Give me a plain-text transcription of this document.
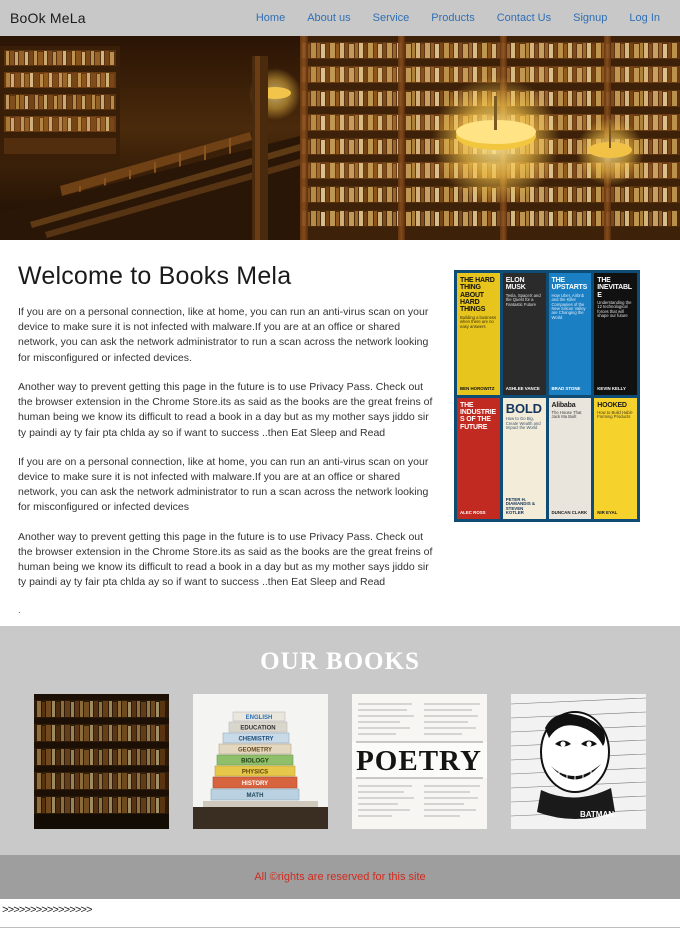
BoOk MeLa	Home About us Service Products Contact Us Signup Log In
Welcome to Books Mela

If you are on a personal connection, like at home, you can run an anti-virus scan on your device to make sure it is not infected with malware.If you are at an office or shared network, you can ask the network administrator to run a scan across the network looking for misconfigured or infected devices.

Another way to prevent getting this page in the future is to use Privacy Pass. Check out the browser extension in the Chrome Store.its as said as the books are the great freins of human being we know its difficult to read a book in a day but as my mother says jiddo sir ty paindi ay ty fair pta chlda ay so if want to success ..then Eat Sleep and Read

If you are on a personal connection, like at home, you can run an anti-virus scan on your device to make sure it is not infected with malware.If you are at an office or shared network, you can ask the network administrator to run a scan across the network looking for misconfigured or infected devices

Another way to prevent getting this page in the future is to use Privacy Pass. Check out the browser extension in the Chrome Store.its as said as the books are the great freins of human being we know its difficult to read a book in a day but as my mother says jiddo sir ty paindi ay ty fair pta chlda ay so if want to success ..then Eat Sleep and Read

.

THE HARD THING ABOUT HARD THINGS
Building a business when there are no easy answers
BEN HOROWITZ
ELON MUSK
Tesla, SpaceX and the Quest for a Fantastic Future
ASHLEE VANCE
THE UPSTARTS
How Uber, Airbnb and the Killer Companies of the New Silicon Valley are Changing the World
BRAD STONE
THE INEVITABLE
Understanding the 12 technological forces that will shape our future
KEVIN KELLY
THE INDUSTRIES OF THE FUTURE
ALEC ROSS
BOLD
How to Go Big, Create Wealth and Impact the World
PETER H. DIAMANDIS & STEVEN KOTLER
Alibaba
The House That Jack Ma Built
DUNCAN CLARK
HOOKED
How to Build Habit-Forming Products
NIR EYAL
OUR BOOKS
ENGLISH
EDUCATION
CHEMISTRY
GEOMETRY
BIOLOGY
PHYSICS
HISTORY
MATH
POETRY
BATMAN
All ©rights are reserved for this site
>>>>>>>>>>>>>>>>
